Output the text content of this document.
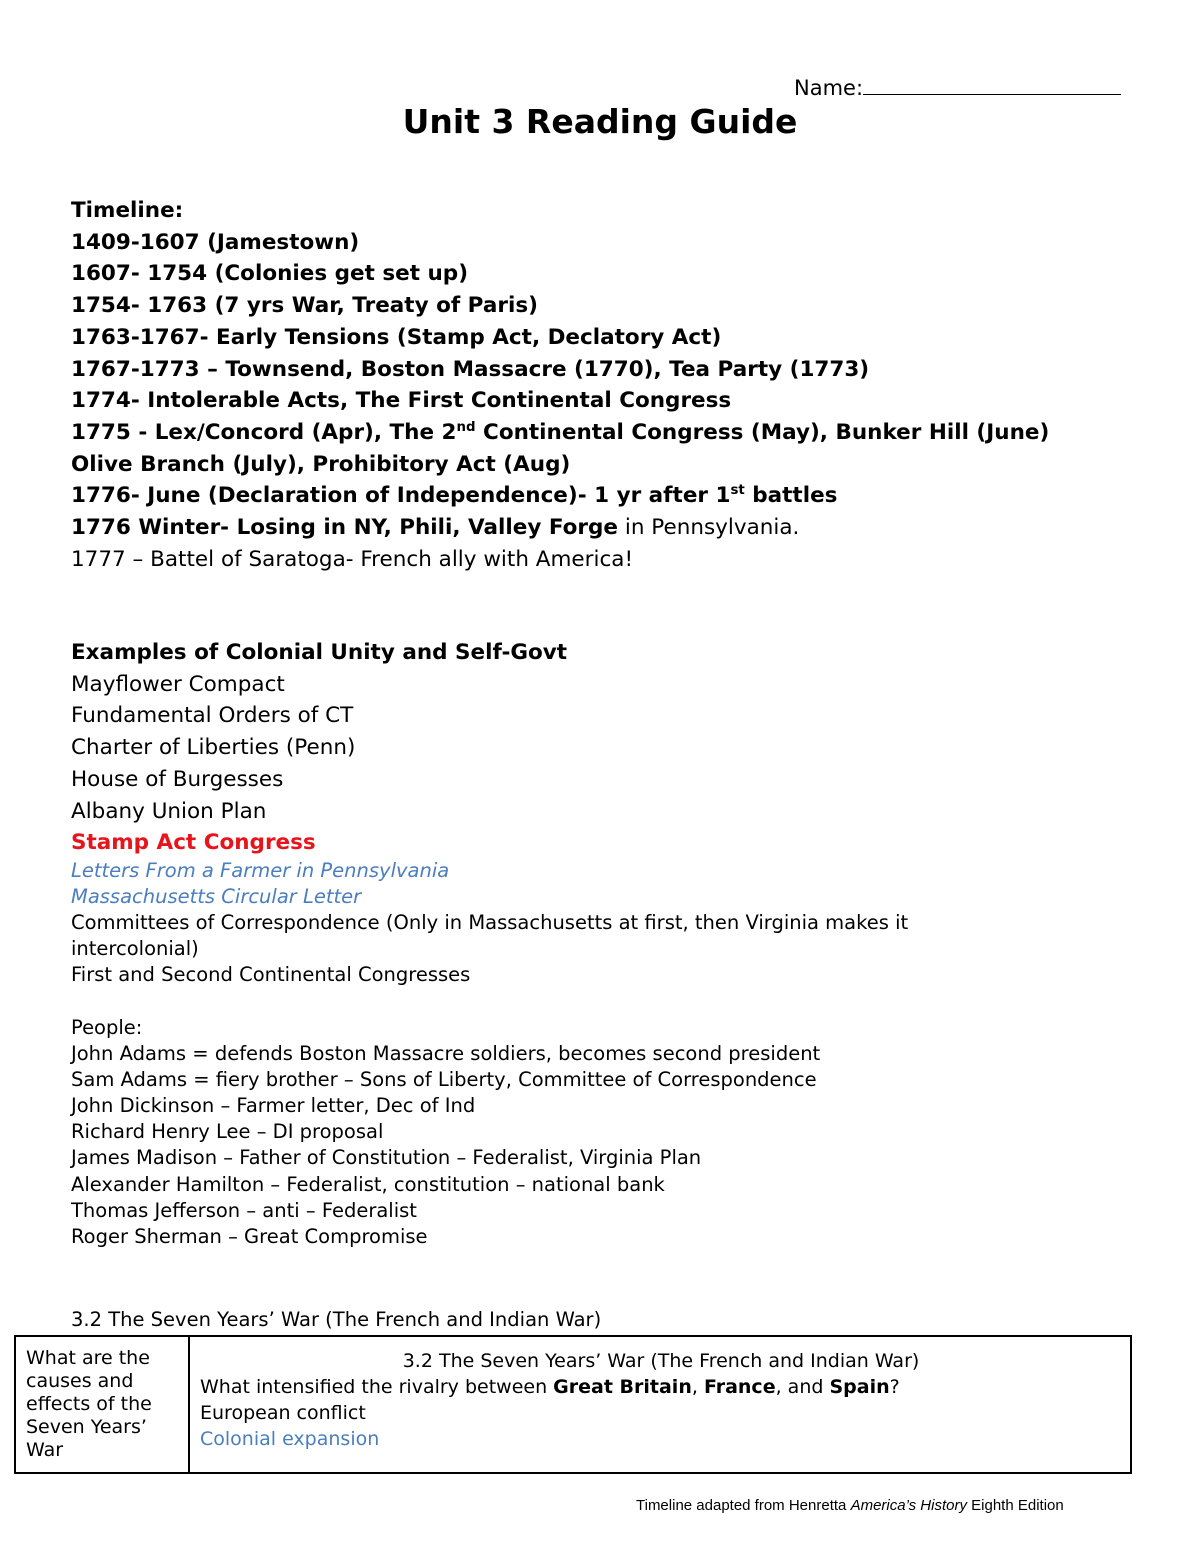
Name:
Unit 3 Reading Guide

Timeline:

1409-1607 (Jamestown)

1607- 1754 (Colonies get set up)

1754- 1763 (7 yrs War, Treaty of Paris)

1763-1767- Early Tensions (Stamp Act, Declatory Act)

1767-1773 – Townsend, Boston Massacre (1770), Tea Party (1773)

1774- Intolerable Acts, The First Continental Congress

1775 - Lex/Concord (Apr), The 2nd Continental Congress (May), Bunker Hill (June)

Olive Branch (July), Prohibitory Act (Aug)

1776- June (Declaration of Independence)- 1 yr after 1st battles

1776 Winter- Losing in NY, Phili, Valley Forge in Pennsylvania.

1777 – Battel of Saratoga- French ally with America!

Examples of Colonial Unity and Self-Govt

Mayflower Compact

Fundamental Orders of CT

Charter of Liberties (Penn)

House of Burgesses

Albany Union Plan

Stamp Act Congress

Letters From a Farmer in Pennsylvania

Massachusetts Circular Letter

Committees of Correspondence (Only in Massachusetts at first, then Virginia makes it intercolonial)

First and Second Continental Congresses

People:

John Adams = defends Boston Massacre soldiers, becomes second president

Sam Adams = fiery brother – Sons of Liberty, Committee of Correspondence

John Dickinson – Farmer letter, Dec of Ind

Richard Henry Lee – DI proposal

James Madison – Father of Constitution – Federalist, Virginia Plan

Alexander Hamilton – Federalist, constitution – national bank

Thomas Jefferson – anti – Federalist

Roger Sherman – Great Compromise

3.2 The Seven Years’ War (The French and Indian War)
What are the causes and effects of the Seven Years’ War	
3.2 The Seven Years’ War (The French and Indian War)
What intensified the rivalry between Great Britain, France, and Spain?
European conflict
Colonial expansion
Timeline adapted from Henretta America’s History Eighth Edition
